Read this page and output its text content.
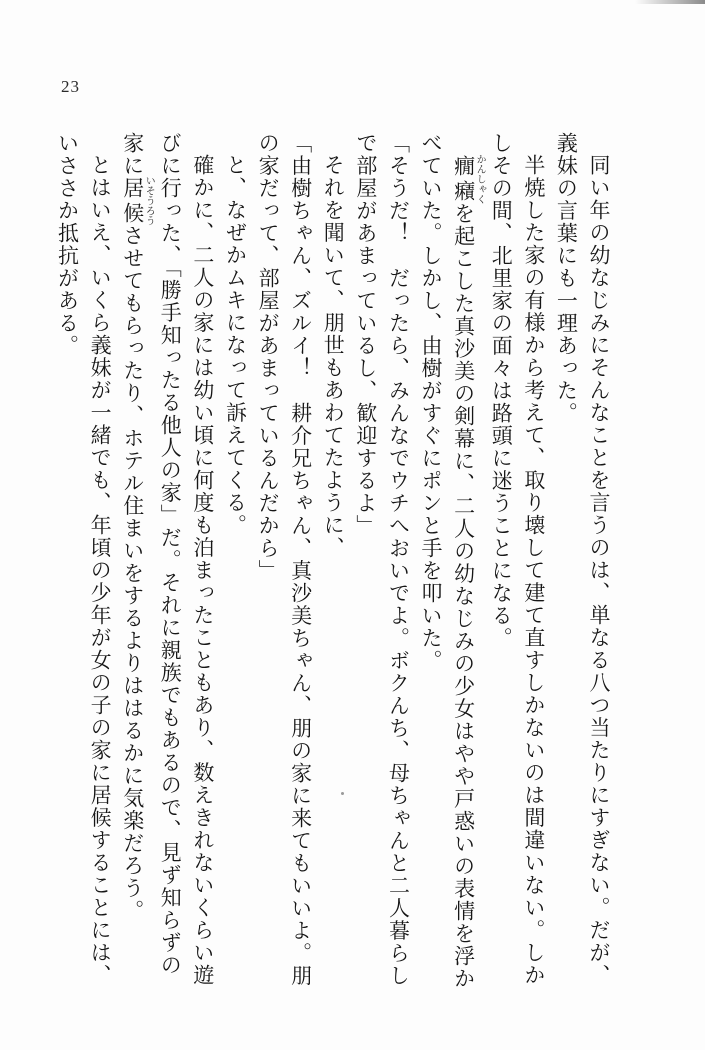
23
同い年の幼なじみにそんなことを言うのは、単なる八つ当たりにすぎない。だが、
義妹の言葉にも一理あった。
半焼した家の有様から考えて、取り壊して建て直すしかないのは間違いない。しか
しその間、北里家の面々は路頭に迷うことになる。
癇癪かんしゃくを起こした真沙美の剣幕に、二人の幼なじみの少女はやや戸惑いの表情を浮か
べていた。しかし、由樹がすぐにポンと手を叩いた。
「そうだ！　だったら、みんなでウチへおいでよ。ボクんち、母ちゃんと二人暮らし
で部屋があまっているし、歓迎するよ」
それを聞いて、朋世もあわてたように、
「由樹ちゃん、ズルイ！　耕介兄ちゃん、真沙美ちゃん、朋の家に来てもいいよ。朋
の家だって、部屋があまっているんだから」
と、なぜかムキになって訴えてくる。
確かに、二人の家には幼い頃に何度も泊まったこともあり、数えきれないくらい遊
びに行った、「勝手知ったる他人の家」だ。それに親族でもあるので、見ず知らずの
家に居候いそうろうさせてもらったり、ホテル住まいをするよりははるかに気楽だろう。
とはいえ、いくら義妹が一緒でも、年頃の少年が女の子の家に居候することには、
いささか抵抗がある。
